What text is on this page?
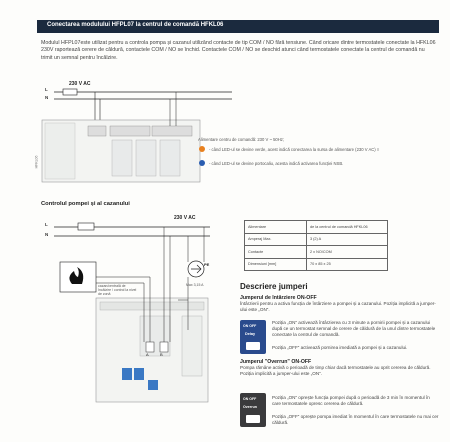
Conectarea modulului HFPL07 la centrul de comandă HFKL06
Modulul HFPL07este utilizat pentru a controla pompa și cazanul utilizând contacte de tip COM / NO fără tensiune. Când oricare dintre termostatele conectate la HFKL06 230V raportează cerere de căldură, contactele COM / NO se închid. Contactele COM / NO se deschid atunci când termostatele conectate la centrul de comandă nu trimit un semnal pentru încălzire.
L
N
230 V AC
HFKL06
Alimentare centru de comandă: 230 V ~ 50Hz;
- când LED-ul se devine verde, acest indică conectarea la sursa de alimentare (230 V AC) ≡
- când LED-ul se devine portocaliu, acesta indică activarea funcției NSB.
Controlul pompei și al cazanului
L
N
230 V AC
PE
Max 3,15 A
cazan/centrală de încălzire / control la nivel de zonă
A	B
Alimentare	de la centrul de comandă HFKL06
Amperaj Max.	3 (2) A
Contacte	2 x NO/COM
Dimensiuni [mm]	70 x 85 x 25
Descriere jumperi
Jumperul de întârziere ON-OFF
Întârzierii pentru a activa funcția de întârziere a pompei și a cazanului. Poziția implicită a jumper-ului este „ON”.
ON OFF
Delay
Poziția „ON” activează întârzierea cu 3 minute a pornirii pompei și a cazanului după ce un termostat semnal de cerere de căldură de la unul dintre termostatele conectate la centrul de comandă.
Poziția „OFF” activează pornirea imediată a pompei și a cazanului.
Jumperul "Overrun" ON-OFF
Pompa rămâne activă o perioadă de timp chiar dacă termostatele au oprit cererea de căldură. Poziția implicită a jumper-ului este „ON”.
ON OFF
Overrun
Poziția „ON” oprește funcția pompei după o perioadă de 3 min în momentul în care termostatele opresc cererea de căldură.
Poziția „OFF” oprește pompa imediat în momentul în care termostatele nu mai cer căldură.
